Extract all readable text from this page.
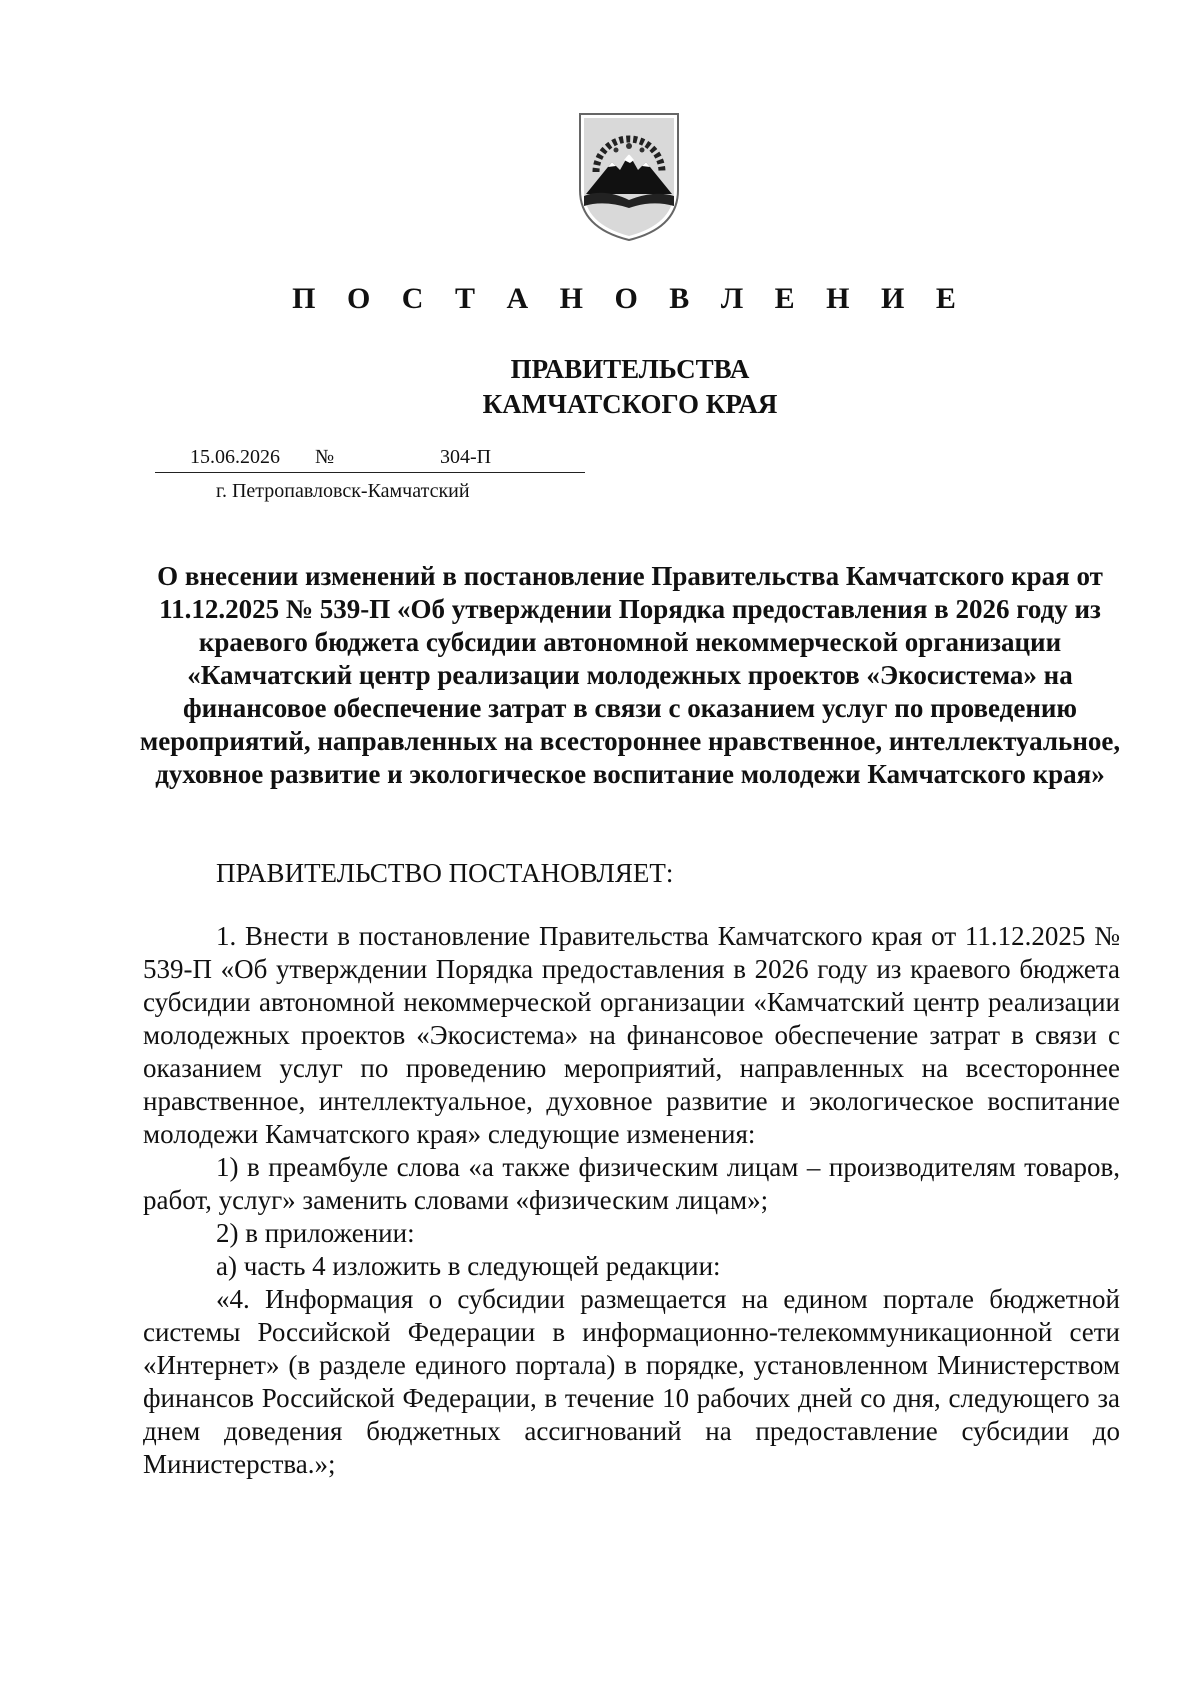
П О С Т А Н О В Л Е Н И Е
ПРАВИТЕЛЬСТВА
КАМЧАТСКОГО КРАЯ
15.06.2026 №	304-П
г. Петропавловск-Камчатский
О внесении изменений в постановление Правительства Камчатского края от 11.12.2025 № 539-П «Об утверждении Порядка предоставления в 2026 году из краевого бюджета субсидии автономной некоммерческой организации «Камчатский центр реализации молодежных проектов «Экосистема» на финансовое обеспечение затрат в связи с оказанием услуг по проведению мероприятий, направленных на всестороннее нравственное, интеллектуальное, духовное развитие и экологическое воспитание молодежи Камчатского края»
ПРАВИТЕЛЬСТВО ПОСТАНОВЛЯЕТ:

1. Внести в постановление Правительства Камчатского края от 11.12.2025 № 539-П «Об утверждении Порядка предоставления в 2026 году из краевого бюджета субсидии автономной некоммерческой организации «Камчатский центр реализации молодежных проектов «Экосистема» на финансовое обеспечение затрат в связи с оказанием услуг по проведению мероприятий, направленных на всестороннее нравственное, интеллектуальное, духовное развитие и экологическое воспитание молодежи Камчатского края» следующие изменения:

1) в преамбуле слова «а также физическим лицам – производителям товаров, работ, услуг» заменить словами «физическим лицам»;

2) в приложении:

а) часть 4 изложить в следующей редакции:

«4. Информация о субсидии размещается на едином портале бюджетной системы Российской Федерации в информационно-телекоммуникационной сети «Интернет» (в разделе единого портала) в порядке, установленном Министерством финансов Российской Федерации, в течение 10 рабочих дней со дня, следующего за днем доведения бюджетных ассигнований на предоставление субсидии до Министерства.»;
